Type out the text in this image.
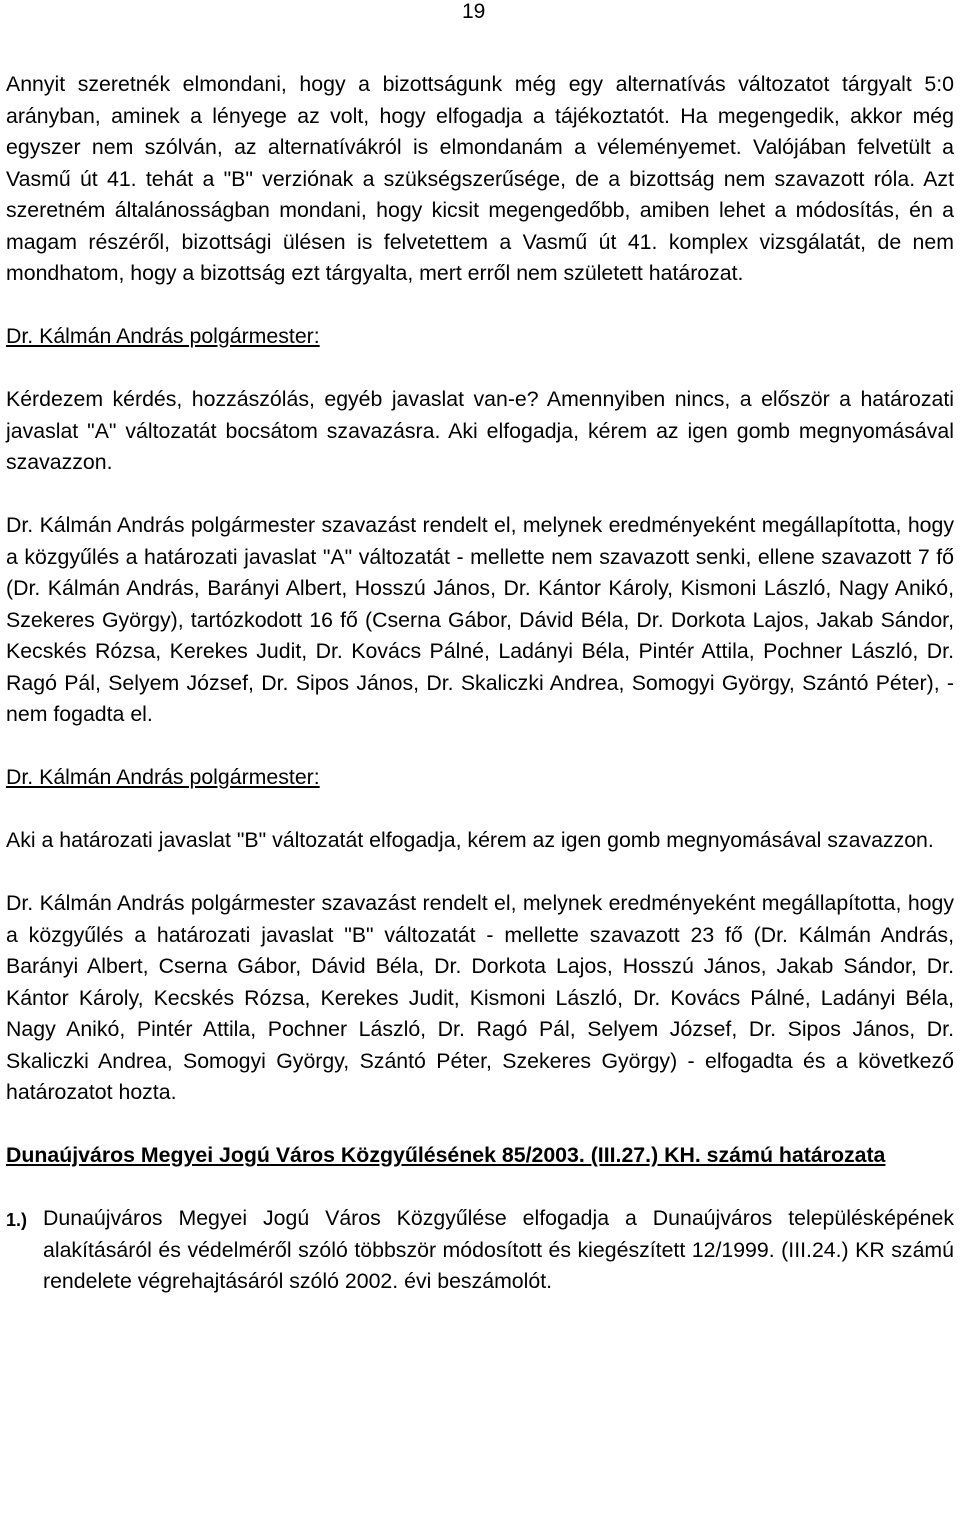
19

Annyit szeretnék elmondani, hogy a bizottságunk még egy alternatívás változatot tárgyalt 5:0 arányban, aminek a lényege az volt, hogy elfogadja a tájékoztatót. Ha megengedik, akkor még egyszer nem szólván, az alternatívákról is elmondanám a véleményemet. Valójában felvetült a Vasmű út 41. tehát a "B" verziónak a szükségszerűsége, de a bizottság nem szavazott róla. Azt szeretném általánosságban mondani, hogy kicsit megengedőbb, amiben lehet a módosítás, én a magam részéről, bizottsági ülésen is felvetettem a Vasmű út 41. komplex vizsgálatát, de nem mondhatom, hogy a bizottság ezt tárgyalta, mert erről nem született határozat.

Dr. Kálmán András polgármester:

Kérdezem kérdés, hozzászólás, egyéb javaslat van-e? Amennyiben nincs, a először a határozati javaslat "A" változatát bocsátom szavazásra. Aki elfogadja, kérem az igen gomb megnyomásával szavazzon.

Dr. Kálmán András polgármester szavazást rendelt el, melynek eredményeként megállapította, hogy a közgyűlés a határozati javaslat "A" változatát - mellette nem szavazott senki, ellene szavazott 7 fő (Dr. Kálmán András, Barányi Albert, Hosszú János, Dr. Kántor Károly, Kismoni László, Nagy Anikó, Szekeres György), tartózkodott 16 fő (Cserna Gábor, Dávid Béla, Dr. Dorkota Lajos, Jakab Sándor, Kecskés Rózsa, Kerekes Judit, Dr. Kovács Pálné, Ladányi Béla, Pintér Attila, Pochner László, Dr. Ragó Pál, Selyem József, Dr. Sipos János, Dr. Skaliczki Andrea, Somogyi György, Szántó Péter), - nem fogadta el.

Dr. Kálmán András polgármester:

Aki a határozati javaslat "B" változatát elfogadja, kérem az igen gomb megnyomásával szavazzon.

Dr. Kálmán András polgármester szavazást rendelt el, melynek eredményeként megállapította, hogy a közgyűlés a határozati javaslat "B" változatát - mellette szavazott 23 fő (Dr. Kálmán András, Barányi Albert, Cserna Gábor, Dávid Béla, Dr. Dorkota Lajos, Hosszú János, Jakab Sándor, Dr. Kántor Károly, Kecskés Rózsa, Kerekes Judit, Kismoni László, Dr. Kovács Pálné, Ladányi Béla, Nagy Anikó, Pintér Attila, Pochner László, Dr. Ragó Pál, Selyem József, Dr. Sipos János, Dr. Skaliczki Andrea, Somogyi György, Szántó Péter, Szekeres György) - elfogadta és a következő határozatot hozta.

Dunaújváros Megyei Jogú Város Közgyűlésének 85/2003. (III.27.) KH. számú határozata

1.) Dunaújváros Megyei Jogú Város Közgyűlése elfogadja a Dunaújváros településképének alakításáról és védelméről szóló többször módosított és kiegészített 12/1999. (III.24.) KR számú rendelete végrehajtásáról szóló 2002. évi beszámolót.
